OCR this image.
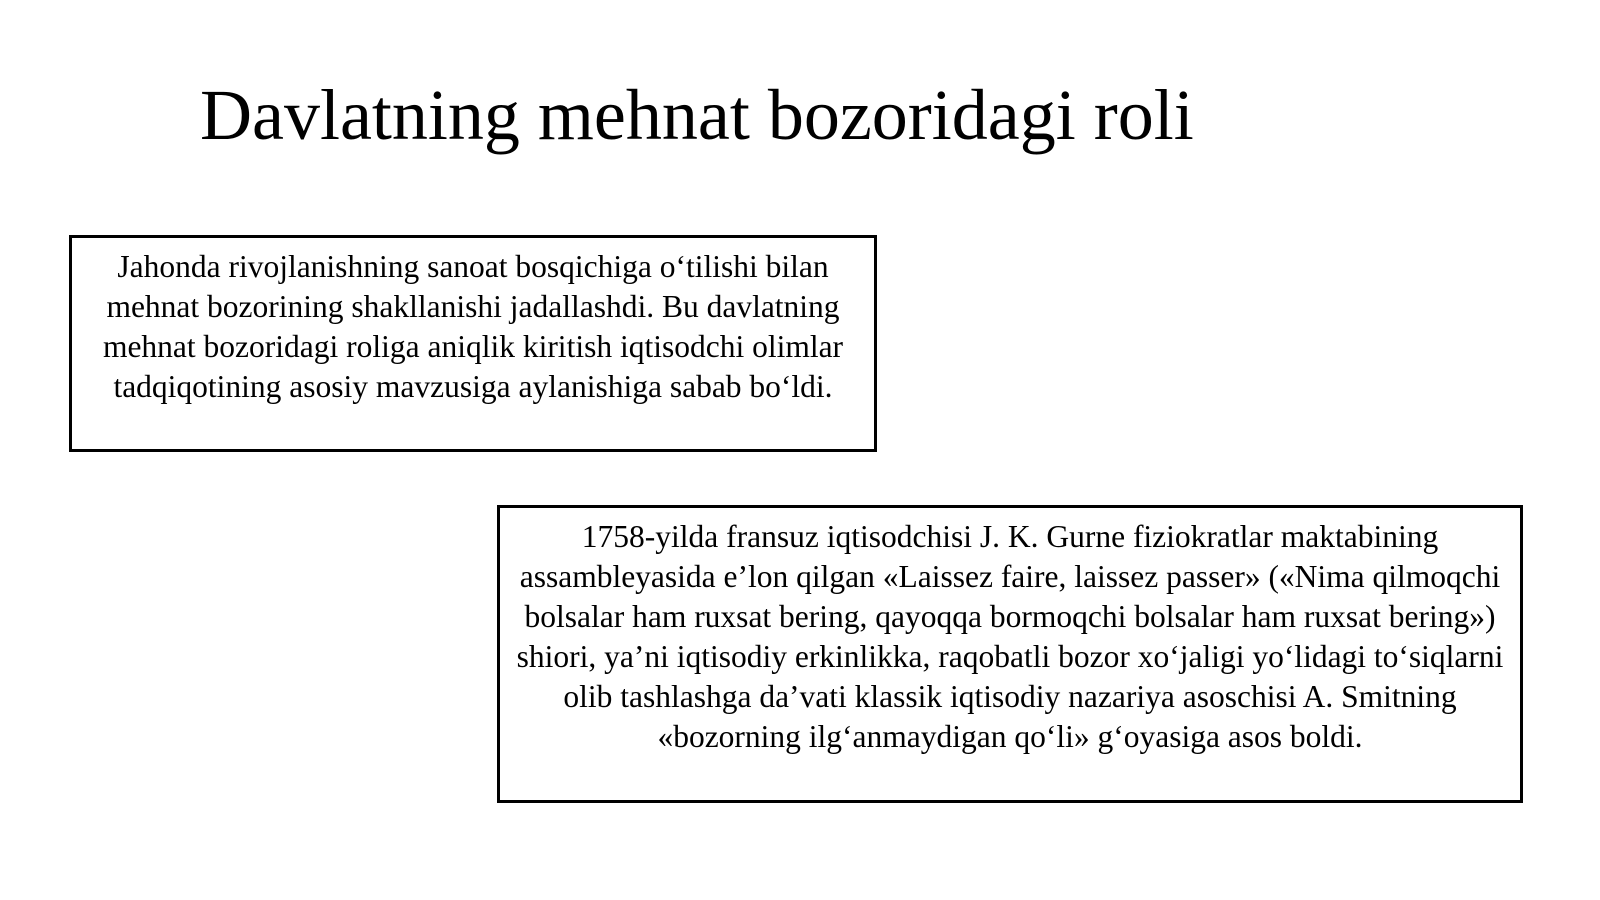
Davlatning mehnat bozoridagi roli

Jahonda rivojlanishning sanoat bosqichiga o‘tilishi bilan mehnat bozorining shakllanishi jadallashdi. Bu davlatning mehnat bozoridagi roliga aniqlik kiritish iqtisodchi olimlar tadqiqotining asosiy mavzusiga aylanishiga sabab bo‘ldi.

1758-yilda fransuz iqtisodchisi J. K. Gurne fiziokratlar maktabining assambleyasida e’lon qilgan «Laissez faire, laissez passer» («Nima qilmoqchi bolsalar ham ruxsat bering, qayoqqa bormoqchi bolsalar ham ruxsat bering») shiori, ya’ni iqtisodiy erkinlikka, raqobatli bozor xo‘jaligi yo‘lidagi to‘siqlarni olib tashlashga da’vati klassik iqtisodiy nazariya asoschisi A. Smitning «bozorning ilg‘anmaydigan qo‘li» g‘oyasiga asos boldi.
